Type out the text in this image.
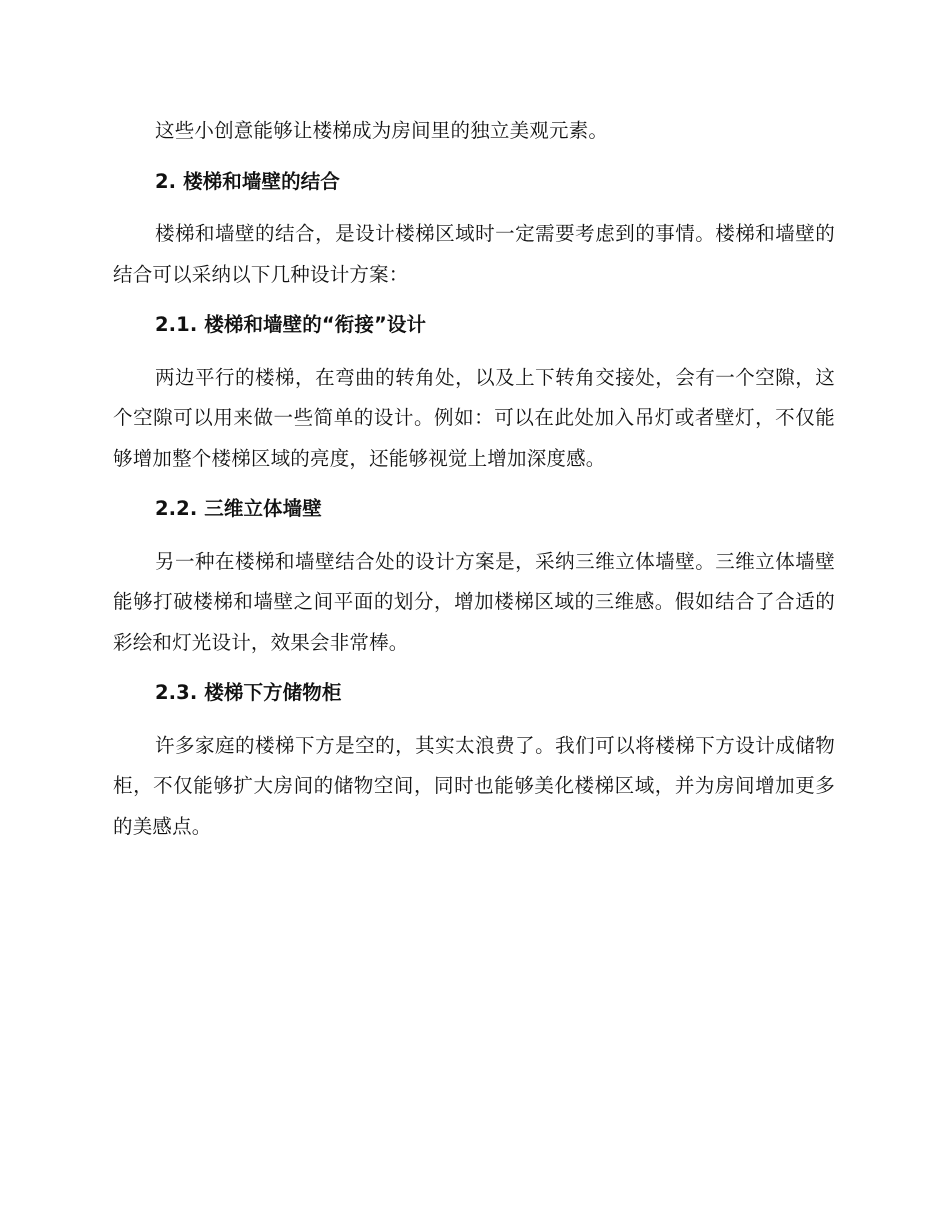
这些小创意能够让楼梯成为房间里的独立美观元素。

2. 楼梯和墙壁的结合

楼梯和墙壁的结合，是设计楼梯区域时一定需要考虑到的事情。楼梯和墙壁的结合可以采纳以下几种设计方案：

2.1. 楼梯和墙壁的“衔接”设计

两边平行的楼梯，在弯曲的转角处，以及上下转角交接处，会有一个空隙，这个空隙可以用来做一些简单的设计。例如：可以在此处加入吊灯或者壁灯，不仅能够增加整个楼梯区域的亮度，还能够视觉上增加深度感。

2.2. 三维立体墙壁

另一种在楼梯和墙壁结合处的设计方案是，采纳三维立体墙壁。三维立体墙壁能够打破楼梯和墙壁之间平面的划分，增加楼梯区域的三维感。假如结合了合适的彩绘和灯光设计，效果会非常棒。

2.3. 楼梯下方储物柜

许多家庭的楼梯下方是空的，其实太浪费了。我们可以将楼梯下方设计成储物柜，不仅能够扩大房间的储物空间，同时也能够美化楼梯区域，并为房间增加更多的美感点。
